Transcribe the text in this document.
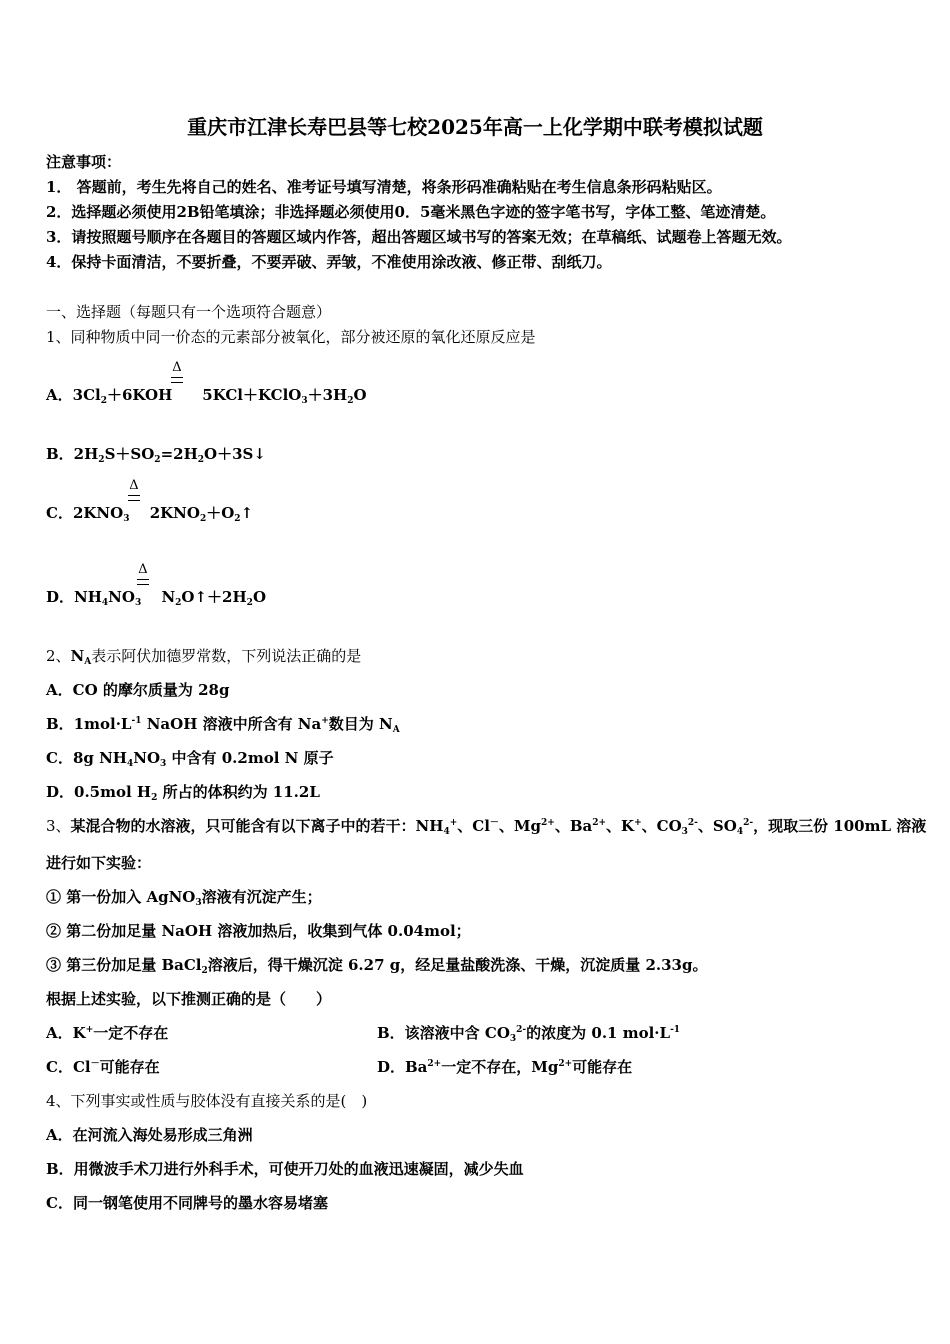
重庆市江津长寿巴县等七校2025年高一上化学期中联考模拟试题
注意事项：
1． 答题前，考生先将自己的姓名、准考证号填写清楚，将条形码准确粘贴在考生信息条形码粘贴区。
2．选择题必须使用2B铅笔填涂；非选择题必须使用0．5毫米黑色字迹的签字笔书写，字体工整、笔迹清楚。
3．请按照题号顺序在各题目的答题区域内作答，超出答题区域书写的答案无效；在草稿纸、试题卷上答题无效。
4．保持卡面清洁，不要折叠，不要弄破、弄皱，不准使用涂改液、修正带、刮纸刀。
一、选择题（每题只有一个选项符合题意）
1、同种物质中同一价态的元素部分被氧化，部分被还原的氧化还原反应是
Δ
A．$3Cl_2+6KOH$　　$5KCl+KClO_3+3H_2O$
B．$2H_2S+SO_2=2H_2O+3S↓$
Δ
C．$2KNO_3$　 $2KNO_2+O_2↑$
Δ
D．$NH_4NO_3$　 $N_2O↑+2H_2O$
2、$N_A$表示阿伏加德罗常数，下列说法正确的是
A．CO 的摩尔质量为 28g
B．$1mol\cdot L^{-1}$ NaOH 溶液中所含有 Na+数目为 $N_A$
C．8g $NH_4NO_3$ 中含有 0.2mol N 原子
D．0.5mol $H_2$ 所占的体积约为 11.2L
3、某混合物的水溶液，只可能含有以下离子中的若干：$NH_4^+$、Cl－、$Mg^{2+}$、$Ba^{2+}$、K+、$CO_3^{2-}$、$SO_4^{2-}$，现取三份 100mL 溶液
进行如下实验：
① 第一份加入 AgNO$_3$溶液有沉淀产生；
② 第二份加足量 NaOH 溶液加热后，收集到气体 0.04mol；
③ 第三份加足量 BaCl$_2$溶液后，得干燥沉淀 6.27 g，经足量盐酸洗涤、干燥，沉淀质量 2.33g。
根据上述实验，以下推测正确的是（　　）
A．K+一定不存在	B．该溶液中含 $CO_3^{2-}$的浓度为 0.1 $mol\cdot L^{-1}$
C．Cl－可能存在	D．$Ba^{2+}$一定不存在，$Mg^{2+}$可能存在
4、下列事实或性质与胶体没有直接关系的是(　)
A．在河流入海处易形成三角洲
B．用微波手术刀进行外科手术，可使开刀处的血液迅速凝固，减少失血
C．同一钢笔使用不同牌号的墨水容易堵塞
